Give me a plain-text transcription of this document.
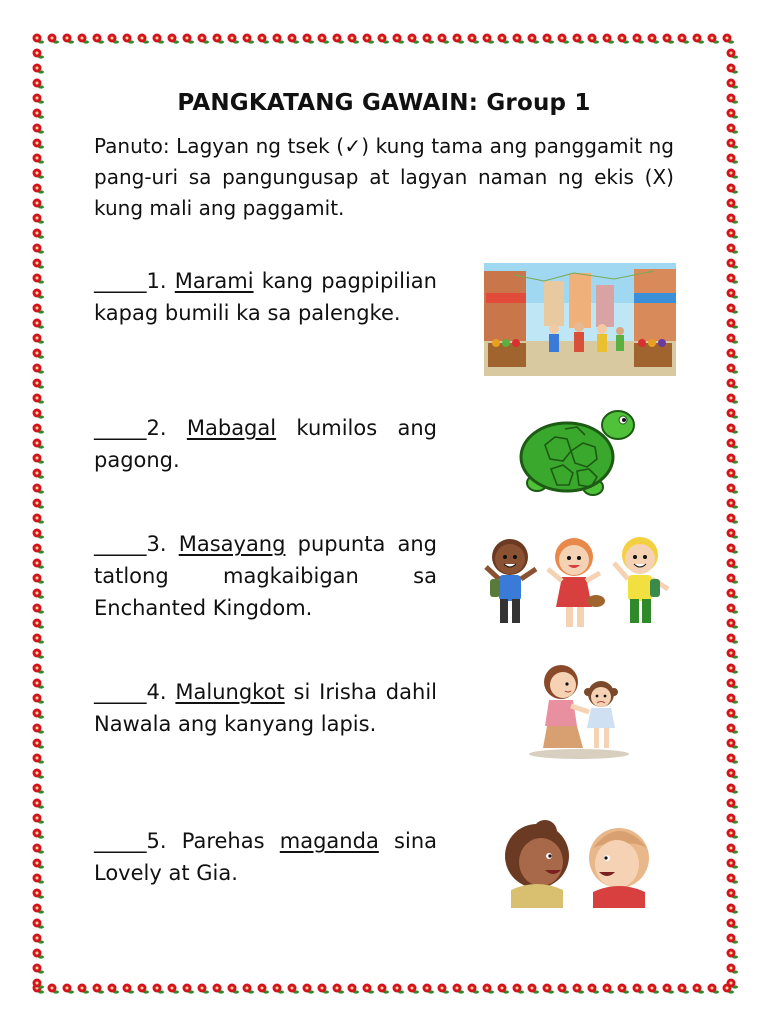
PANGKATANG GAWAIN: Group 1
Panuto: Lagyan ng tsek (✓) kung tama ang panggamit ng pang-uri sa pangungusap at lagyan naman ng ekis (X) kung mali ang paggamit.
_____1. Marami kang pagpipilian kapag bumili ka sa palengke.
_____2. Mabagal kumilos ang pagong.
_____3. Masayang pupunta ang tatlong magkaibigan sa Enchanted Kingdom.
_____4. Malungkot si Irisha dahil Nawala ang kanyang lapis.
_____5. Parehas maganda sina Lovely at Gia.
